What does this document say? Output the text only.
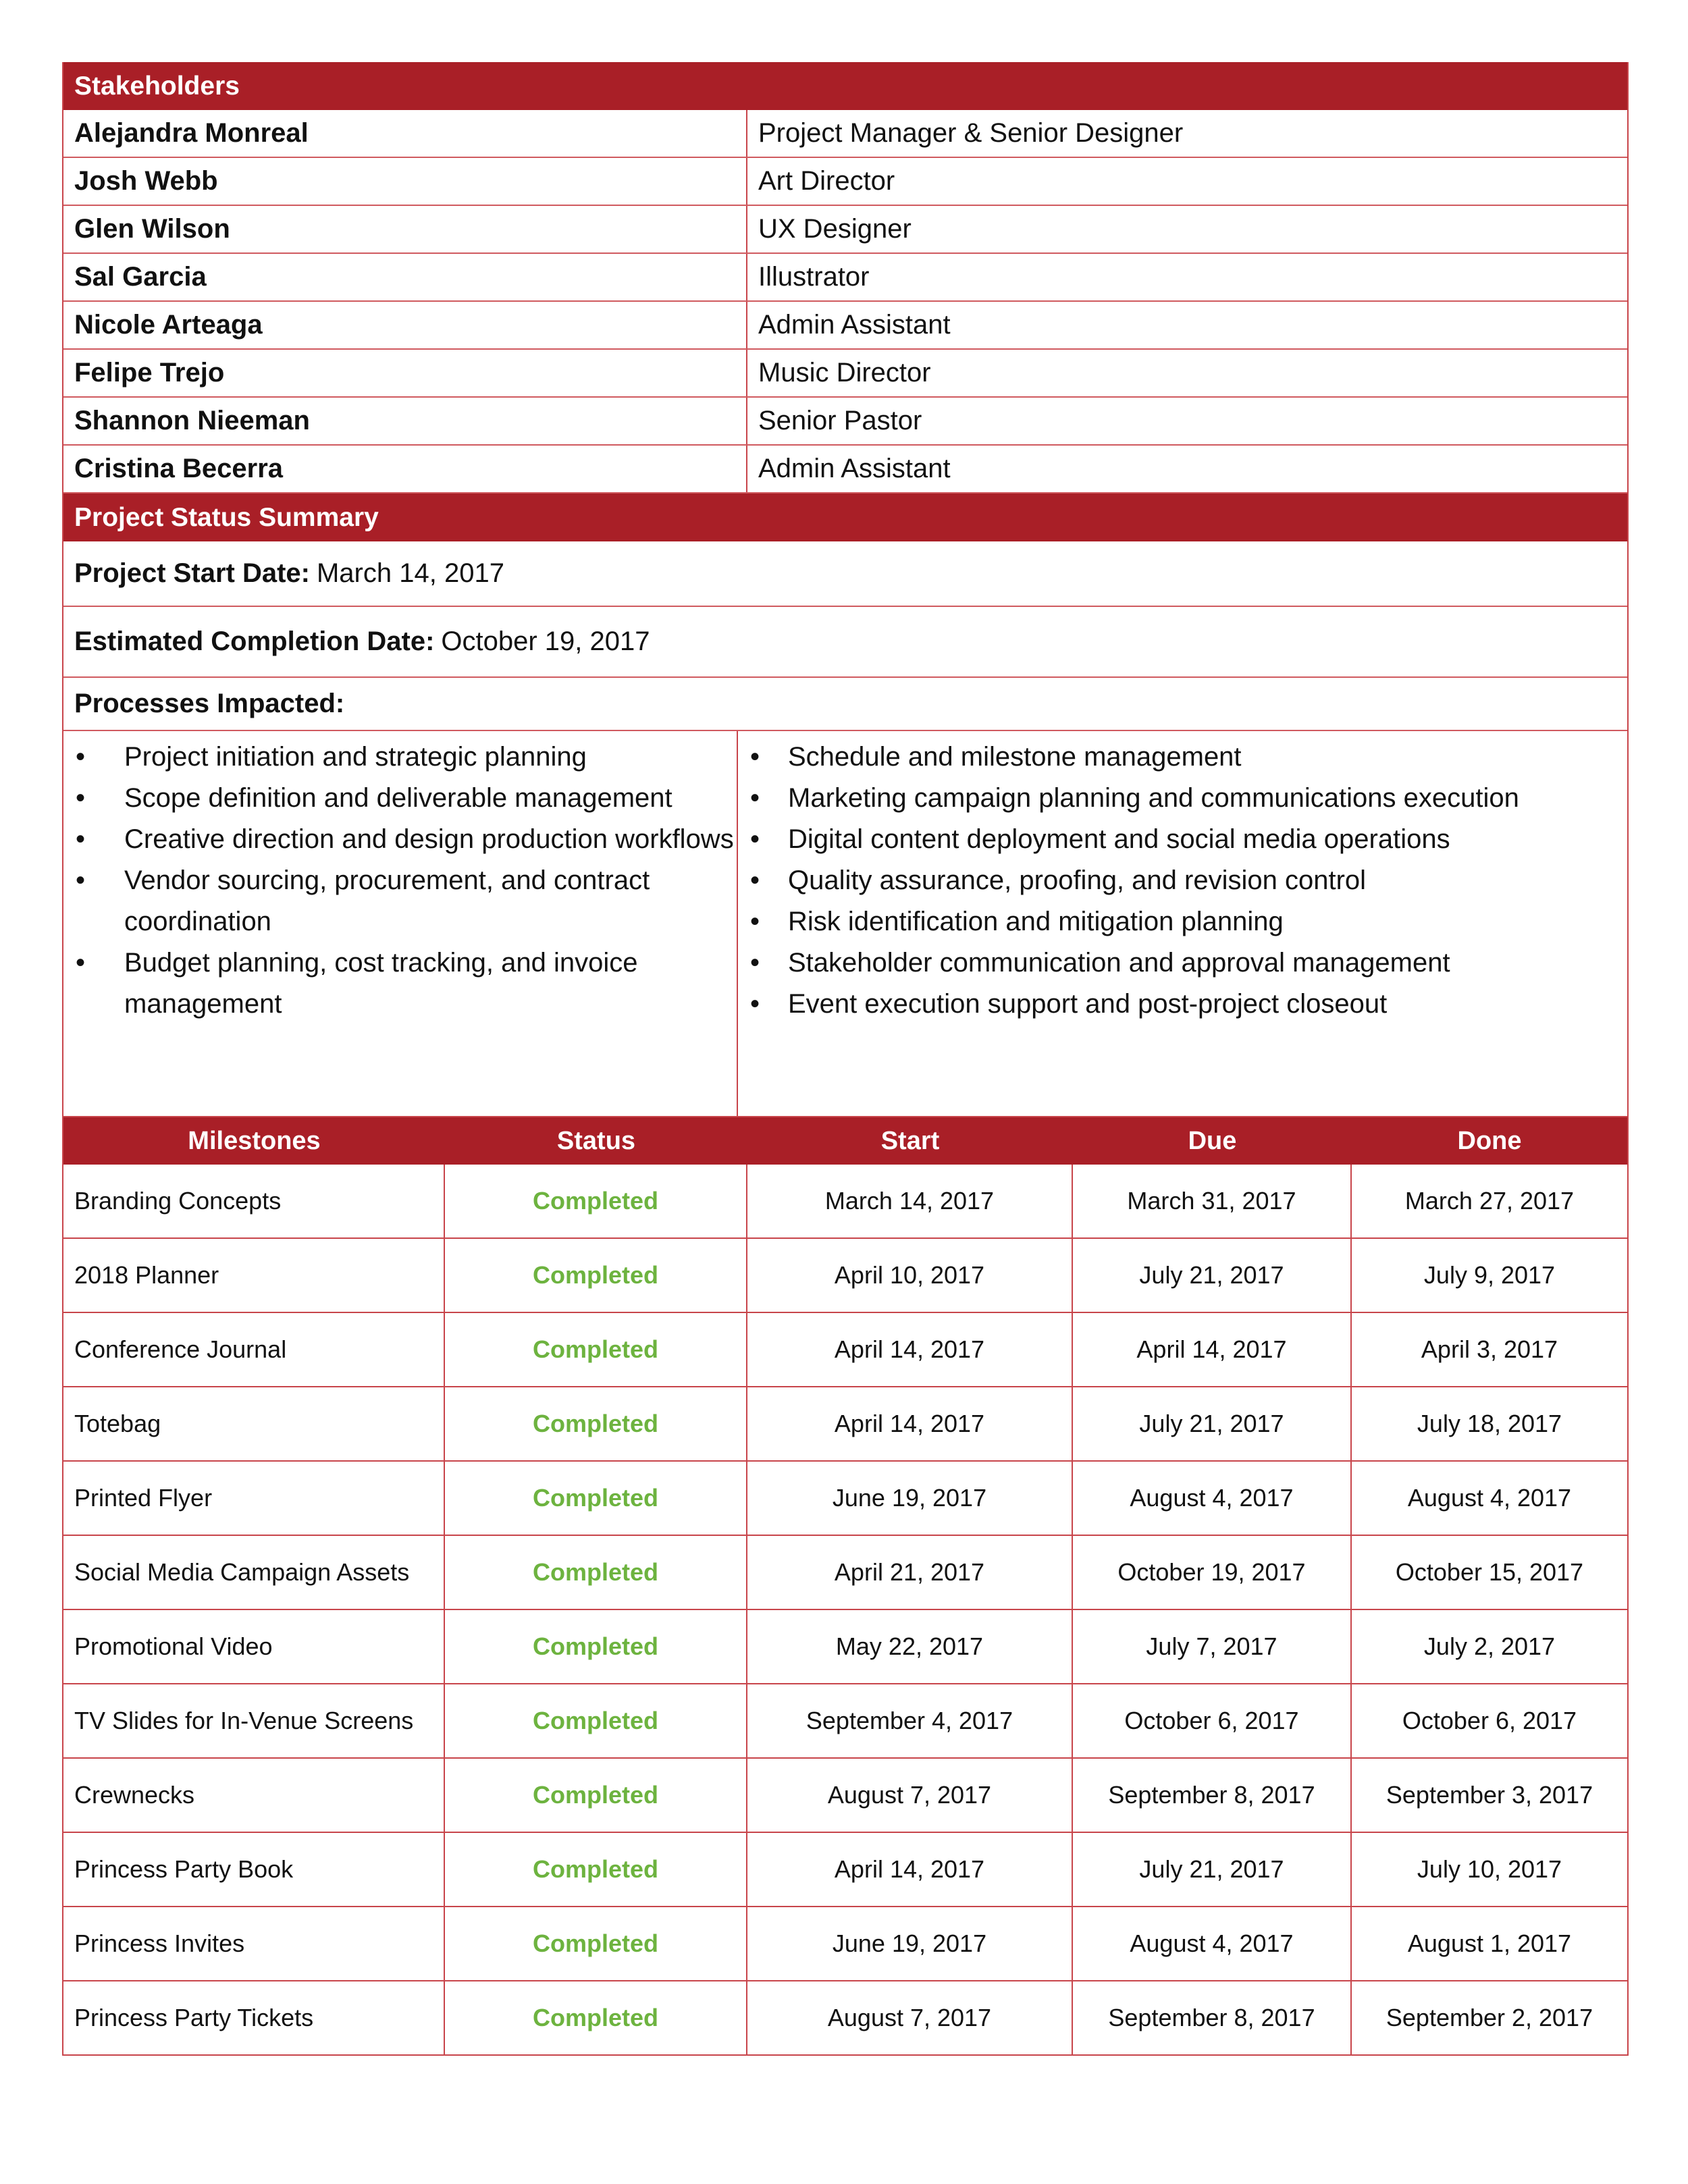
Stakeholders
Alejandra Monreal	Project Manager & Senior Designer
Josh Webb	Art Director
Glen Wilson	UX Designer
Sal Garcia	Illustrator
Nicole Arteaga	Admin Assistant
Felipe Trejo	Music Director
Shannon Nieeman	Senior Pastor
Cristina Becerra	Admin Assistant
Project Status Summary
Project Start Date: March 14, 2017
Estimated Completion Date: October 19, 2017
Processes Impacted:
• Project initiation and strategic planning
• Scope definition and deliverable management
• Creative direction and design production workflows
• Vendor sourcing, procurement, and contract coordination
• Budget planning, cost tracking, and invoice management
• Schedule and milestone management
• Marketing campaign planning and communications execution
• Digital content deployment and social media operations
• Quality assurance, proofing, and revision control
• Risk identification and mitigation planning
• Stakeholder communication and approval management
• Event execution support and post-project closeout
Milestones	Status	Start	Due	Done
Branding Concepts	Completed	March 14, 2017	March 31, 2017	March 27, 2017
2018 Planner	Completed	April 10, 2017	July 21, 2017	July 9, 2017
Conference Journal	Completed	April 14, 2017	April 14, 2017	April 3, 2017
Totebag	Completed	April 14, 2017	July 21, 2017	July 18, 2017
Printed Flyer	Completed	June 19, 2017	August 4, 2017	August 4, 2017
Social Media Campaign Assets	Completed	April 21, 2017	October 19, 2017	October 15, 2017
Promotional Video	Completed	May 22, 2017	July 7, 2017	July 2, 2017
TV Slides for In-Venue Screens	Completed	September 4, 2017	October 6, 2017	October 6, 2017
Crewnecks	Completed	August 7, 2017	September 8, 2017	September 3, 2017
Princess Party Book	Completed	April 14, 2017	July 21, 2017	July 10, 2017
Princess Invites	Completed	June 19, 2017	August 4, 2017	August 1, 2017
Princess Party Tickets	Completed	August 7, 2017	September 8, 2017	September 2, 2017
